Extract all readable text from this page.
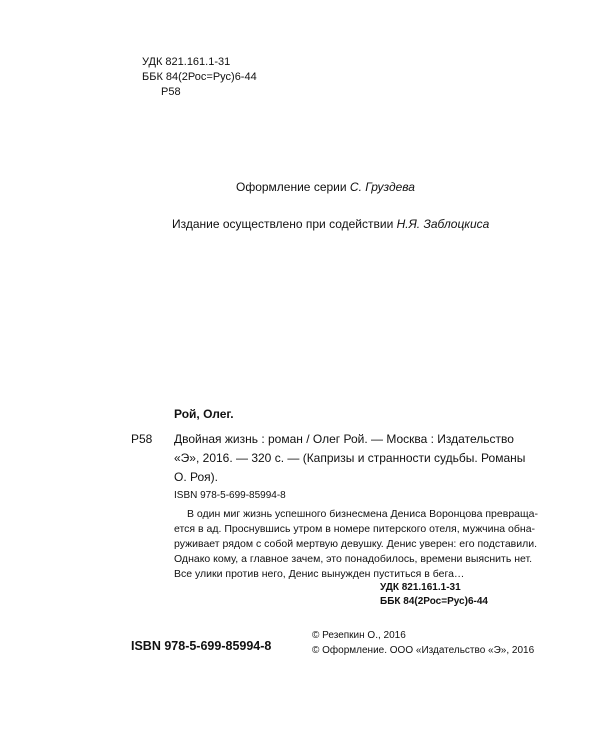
УДК 821.161.1-31
ББК 84(2Рос=Рус)6-44
Р58
Оформление серии С. Груздева
Издание осуществлено при содействии Н.Я. Заблоцкиса
Рой, Олег.
Р58 Двойная жизнь : роман / Олег Рой. — Москва : Издательство
«Э», 2016. — 320 с. — (Капризы и странности судьбы. Романы
О. Роя).
ISBN 978-5-699-85994-8
В один миг жизнь успешного бизнесмена Дениса Воронцова превраща-
ется в ад. Проснувшись утром в номере питерского отеля, мужчина обна-
руживает рядом с собой мертвую девушку. Денис уверен: его подставили.
Однако кому, а главное зачем, это понадобилось, времени выяснить нет.
Все улики против него, Денис вынужден пуститься в бега…
УДК 821.161.1-31
ББК 84(2Рос=Рус)6-44
ISBN 978-5-699-85994-8
© Резепкин О., 2016
© Оформление. ООО «Издательство «Э», 2016
